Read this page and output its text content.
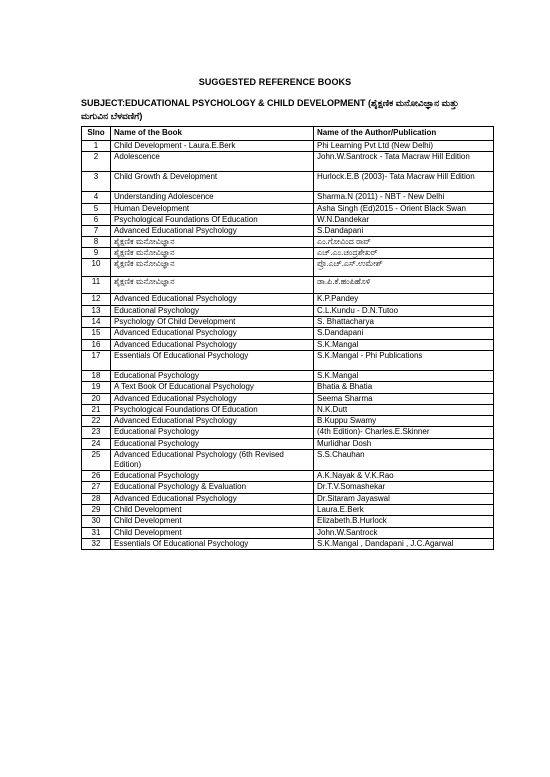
SUGGESTED REFERENCE BOOKS
SUBJECT:EDUCATIONAL PSYCHOLOGY & CHILD DEVELOPMENT (ಶೈಕ್ಷಣಿಕ ಮನೋವಿಜ್ಞಾನ ಮತ್ತು
ಮಗುವಿನ ಬೆಳವಣಿಗೆ)
Slno	Name of the Book	Name of the Author/Publication
1	Child Development - Laura.E.Berk	Phi Learning Pvt Ltd (New Delhi)
2	Adolescence	John.W.Santrock - Tata Macraw Hill Edition
3	Child Growth & Development	Hurlock.E.B (2003)- Tata Macraw Hill Edition
4	Understanding Adolescence	Sharma.N (2011) - NBT - New Delhi
5	Human Development	Asha Singh (Ed)2015 - Orient Black Swan
6	Psychological Foundations Of Education	W.N.Dandekar
7	Advanced Educational Psychology	S.Dandapani
8	ಶೈಕ್ಷಣಿಕ ಮನೋವಿಜ್ಞಾನ	ಎಂ.ಗೋವಿಂದ ರಾವ್
9	ಶೈಕ್ಷಣಿಕ ಮನೋವಿಜ್ಞಾನ	ಎಚ್.ಎಂ.ಚಂದ್ರಶೇಖರ್
10	ಶೈಕ್ಷಣಿಕ ಮನೋವಿಜ್ಞಾನ	ಪ್ರೊ.ಎಚ್.ಎಸ್.ಉಮೇಶ್
11	ಶೈಕ್ಷಣಿಕ ಮನೋವಿಜ್ಞಾನ	ಡಾ.ಪಿ.ಕೆ.ಹಂಪಿಹೊಳಿ
12	Advanced Educational Psychology	K.P.Pandey
13	Educational Psychology	C.L.Kundu - D.N.Tutoo
14	Psychology Of Child Development	S. Bhattacharya
15	Advanced Educational Psychology	S.Dandapani
16	Advanced Educational Psychology	S.K.Mangal
17	Essentials Of Educational Psychology	S.K.Mangal - Phi Publications
18	Educational Psychology	S.K.Mangal
19	A Text Book Of Educational Psychology	Bhatia & Bhatia
20	Advanced Educational Psychology	Seema Sharma
21	Psychological Foundations Of Education	N.K.Dutt
22	Advanced Educational Psychology	B.Kuppu Swamy
23	Educational Psychology	(4th Edition)- Charles.E.Skinner
24	Educational Psychology	Murlidhar Dosh
25	Advanced Educational Psychology (6th Revised Edition)	S.S.Chauhan
26	Educational Psychology	A.K.Nayak & V.K.Rao
27	Educational Psychology & Evaluation	Dr.T.V.Somashekar
28	Advanced Educational Psychology	Dr.Sitaram Jayaswal
29	Child Development	Laura.E.Berk
30	Child Development	Elizabeth.B.Hurlock
31	Child Development	John.W.Santrock
32	Essentials Of Educational Psychology	S.K.Mangal , Dandapani , J.C.Agarwal
